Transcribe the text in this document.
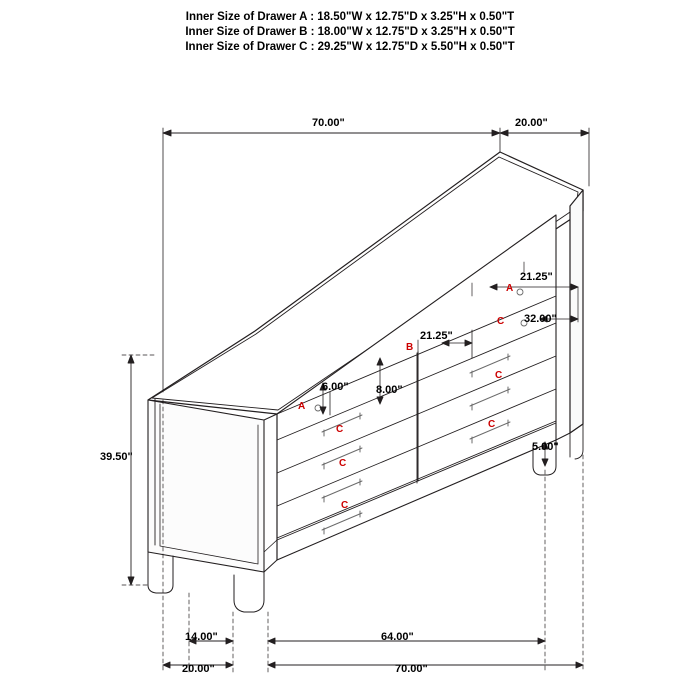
Inner Size of Drawer A : 18.50"W x 12.75"D x 3.25"H x 0.50"T
Inner Size of Drawer B : 18.00"W x 12.75"D x 3.25"H x 0.50"T
Inner Size of Drawer C : 29.25"W x 12.75"D x 5.50"H x 0.50"T
70.00"	20.00"
21.25"
32.00"
21.25"
6.00" 8.00"
39.50"
5.00"
14.00"	64.00"
20.00"	70.00"
A
A
B
C
C
C
C
C
C
